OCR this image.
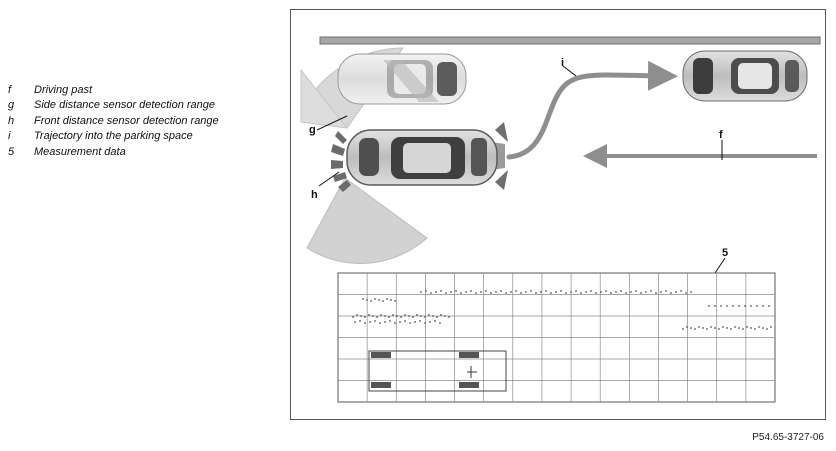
f	Driving past
g	Side distance sensor detection range
h	Front distance sensor detection range
i	Trajectory into the parking space
5	Measurement data
i
f
g
h
5
P54.65-3727-06
